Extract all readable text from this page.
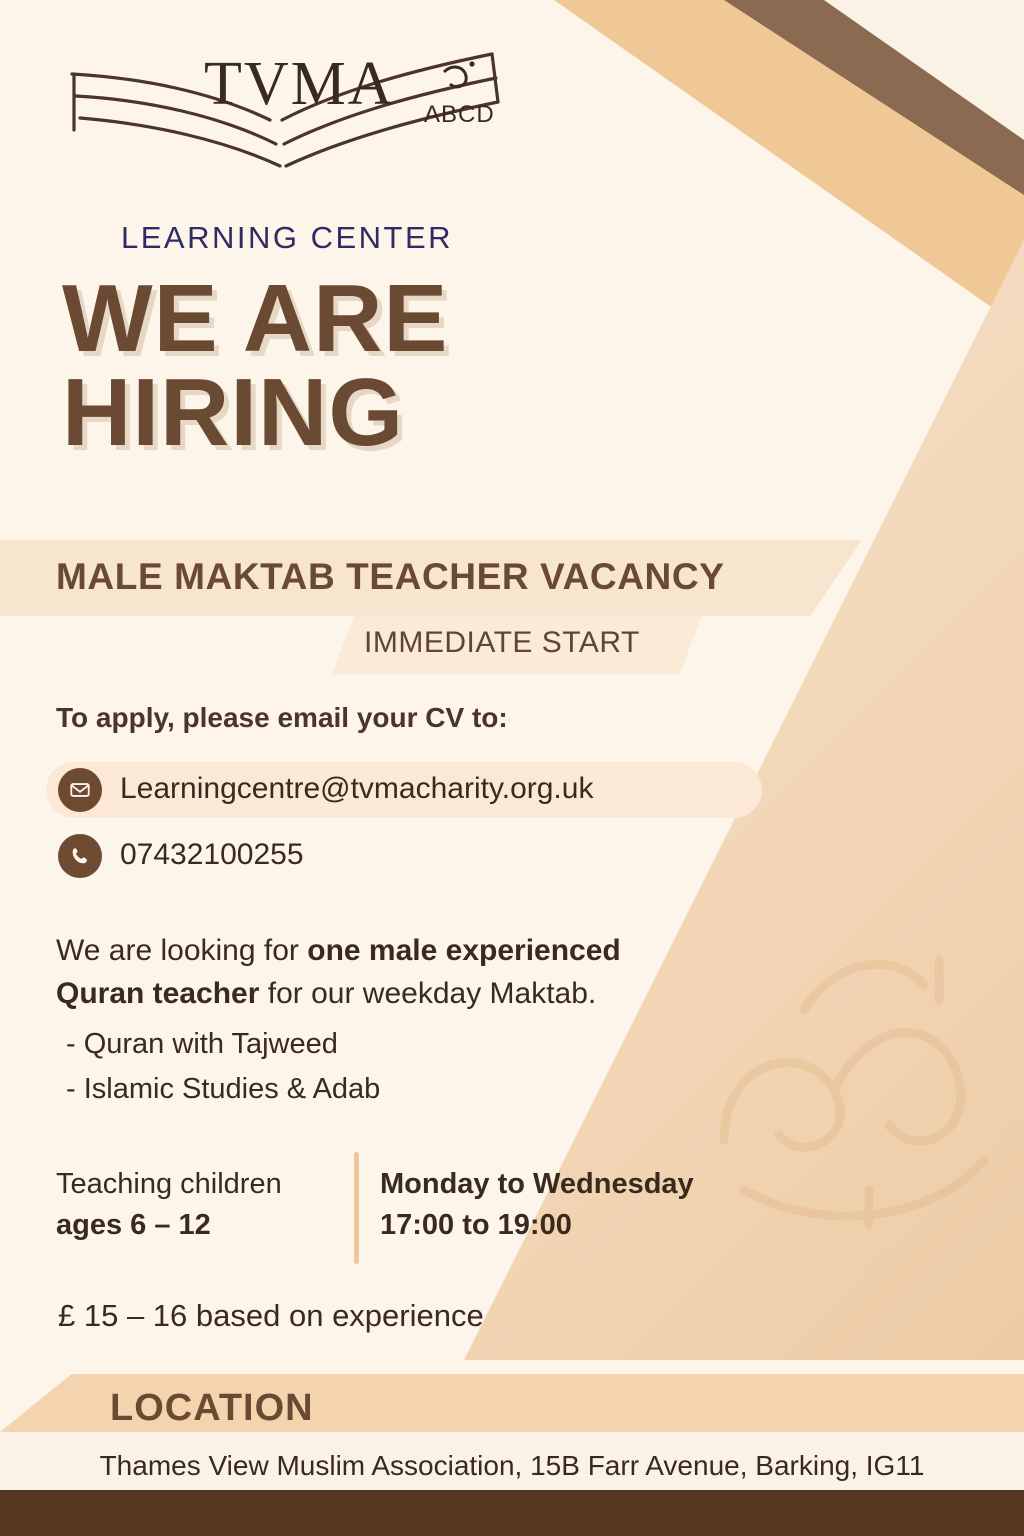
TVMA ABCD
LEARNING CENTER
WE ARE
HIRING
MALE MAKTAB TEACHER VACANCY
IMMEDIATE START
To apply, please email your CV to:
Learningcentre@tvmacharity.org.uk
07432100255
We are looking for one male experienced Quran teacher for our weekday Maktab.
- Quran with Tajweed
- Islamic Studies & Adab
Teaching children
ages 6 – 12
Monday to Wednesday
17:00 to 19:00
£ 15 – 16 based on experience
LOCATION
Thames View Muslim Association, 15B Farr Avenue, Barking, IG11
